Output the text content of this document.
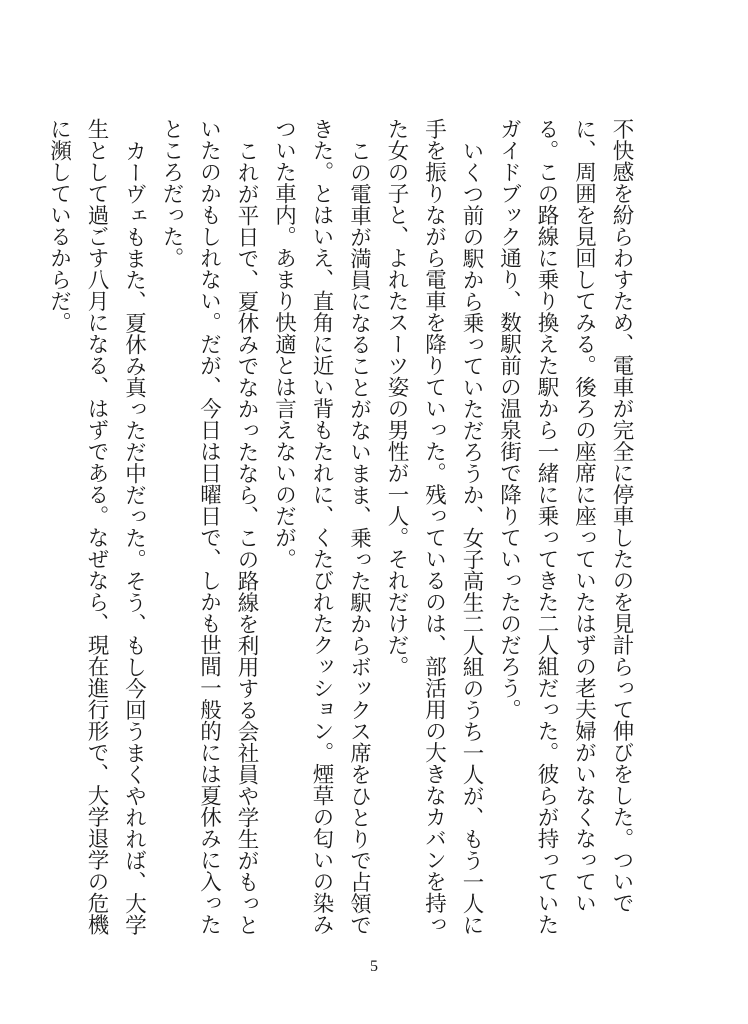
不快感を紛らわすため、電車が完全に停車したのを見計らって伸びをした。ついでに、周囲を見回してみる。後ろの座席に座っていたはずの老夫婦がいなくなっている。この路線に乗り換えた駅から一緒に乗ってきた二人組だった。彼らが持っていたガイドブック通り、数駅前の温泉街で降りていったのだろう。

いくつ前の駅から乗っていただろうか、女子高生二人組のうち一人が、もう一人に手を振りながら電車を降りていった。残っているのは、部活用の大きなカバンを持った女の子と、よれたスーツ姿の男性が一人。それだけだ。

この電車が満員になることがないまま、乗った駅からボックス席をひとりで占領できた。とはいえ、直角に近い背もたれに、くたびれたクッション。煙草の匂いの染みついた車内。あまり快適とは言えないのだが。

これが平日で、夏休みでなかったなら、この路線を利用する会社員や学生がもっといたのかもしれない。だが、今日は日曜日で、しかも世間一般的には夏休みに入ったところだった。

カーヴェもまた、夏休み真っただ中だった。そう、もし今回うまくやれれば、大学生として過ごす八月になる、はずである。なぜなら、現在進行形で、大学退学の危機に瀕しているからだ。

5
